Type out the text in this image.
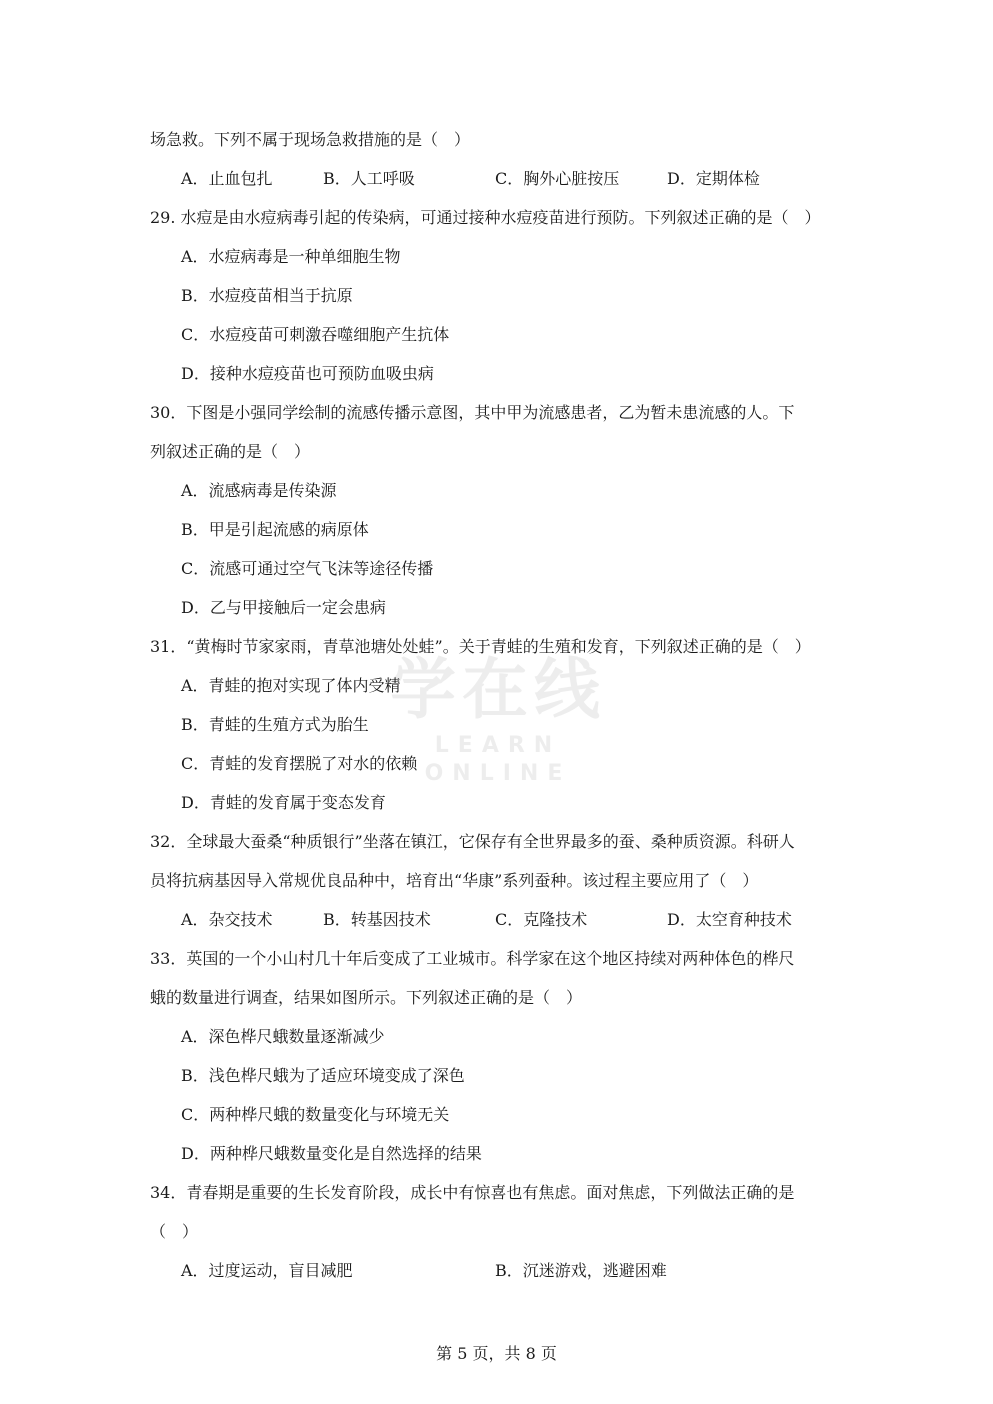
场急救。下列不属于现场急救措施的是（　）
A．止血包扎	B．人工呼吸	C．胸外心脏按压	D．定期体检
29. 水痘是由水痘病毒引起的传染病，可通过接种水痘疫苗进行预防。下列叙述正确的是（　）
A．水痘病毒是一种单细胞生物
B．水痘疫苗相当于抗原
C．水痘疫苗可刺激吞噬细胞产生抗体
D．接种水痘疫苗也可预防血吸虫病
30．下图是小强同学绘制的流感传播示意图，其中甲为流感患者，乙为暂未患流感的人。下
列叙述正确的是（　）
A．流感病毒是传染源
B．甲是引起流感的病原体
C．流感可通过空气飞沫等途径传播
D．乙与甲接触后一定会患病
31．“黄梅时节家家雨，青草池塘处处蛙”。关于青蛙的生殖和发育，下列叙述正确的是（　）
A．青蛙的抱对实现了体内受精
B．青蛙的生殖方式为胎生
C．青蛙的发育摆脱了对水的依赖
D．青蛙的发育属于变态发育
32．全球最大蚕桑“种质银行”坐落在镇江，它保存有全世界最多的蚕、桑种质资源。科研人
员将抗病基因导入常规优良品种中，培育出“华康”系列蚕种。该过程主要应用了（　）
A．杂交技术	B．转基因技术	C．克隆技术	D．太空育种技术
33．英国的一个小山村几十年后变成了工业城市。科学家在这个地区持续对两种体色的桦尺
蛾的数量进行调查，结果如图所示。下列叙述正确的是（　）
A．深色桦尺蛾数量逐渐减少
B．浅色桦尺蛾为了适应环境变成了深色
C．两种桦尺蛾的数量变化与环境无关
D．两种桦尺蛾数量变化是自然选择的结果
34．青春期是重要的生长发育阶段，成长中有惊喜也有焦虑。面对焦虑，下列做法正确的是
（　）
A．过度运动，盲目减肥	B．沉迷游戏，逃避困难
学在线
LEARN ONLINE
第 5 页，共 8 页
